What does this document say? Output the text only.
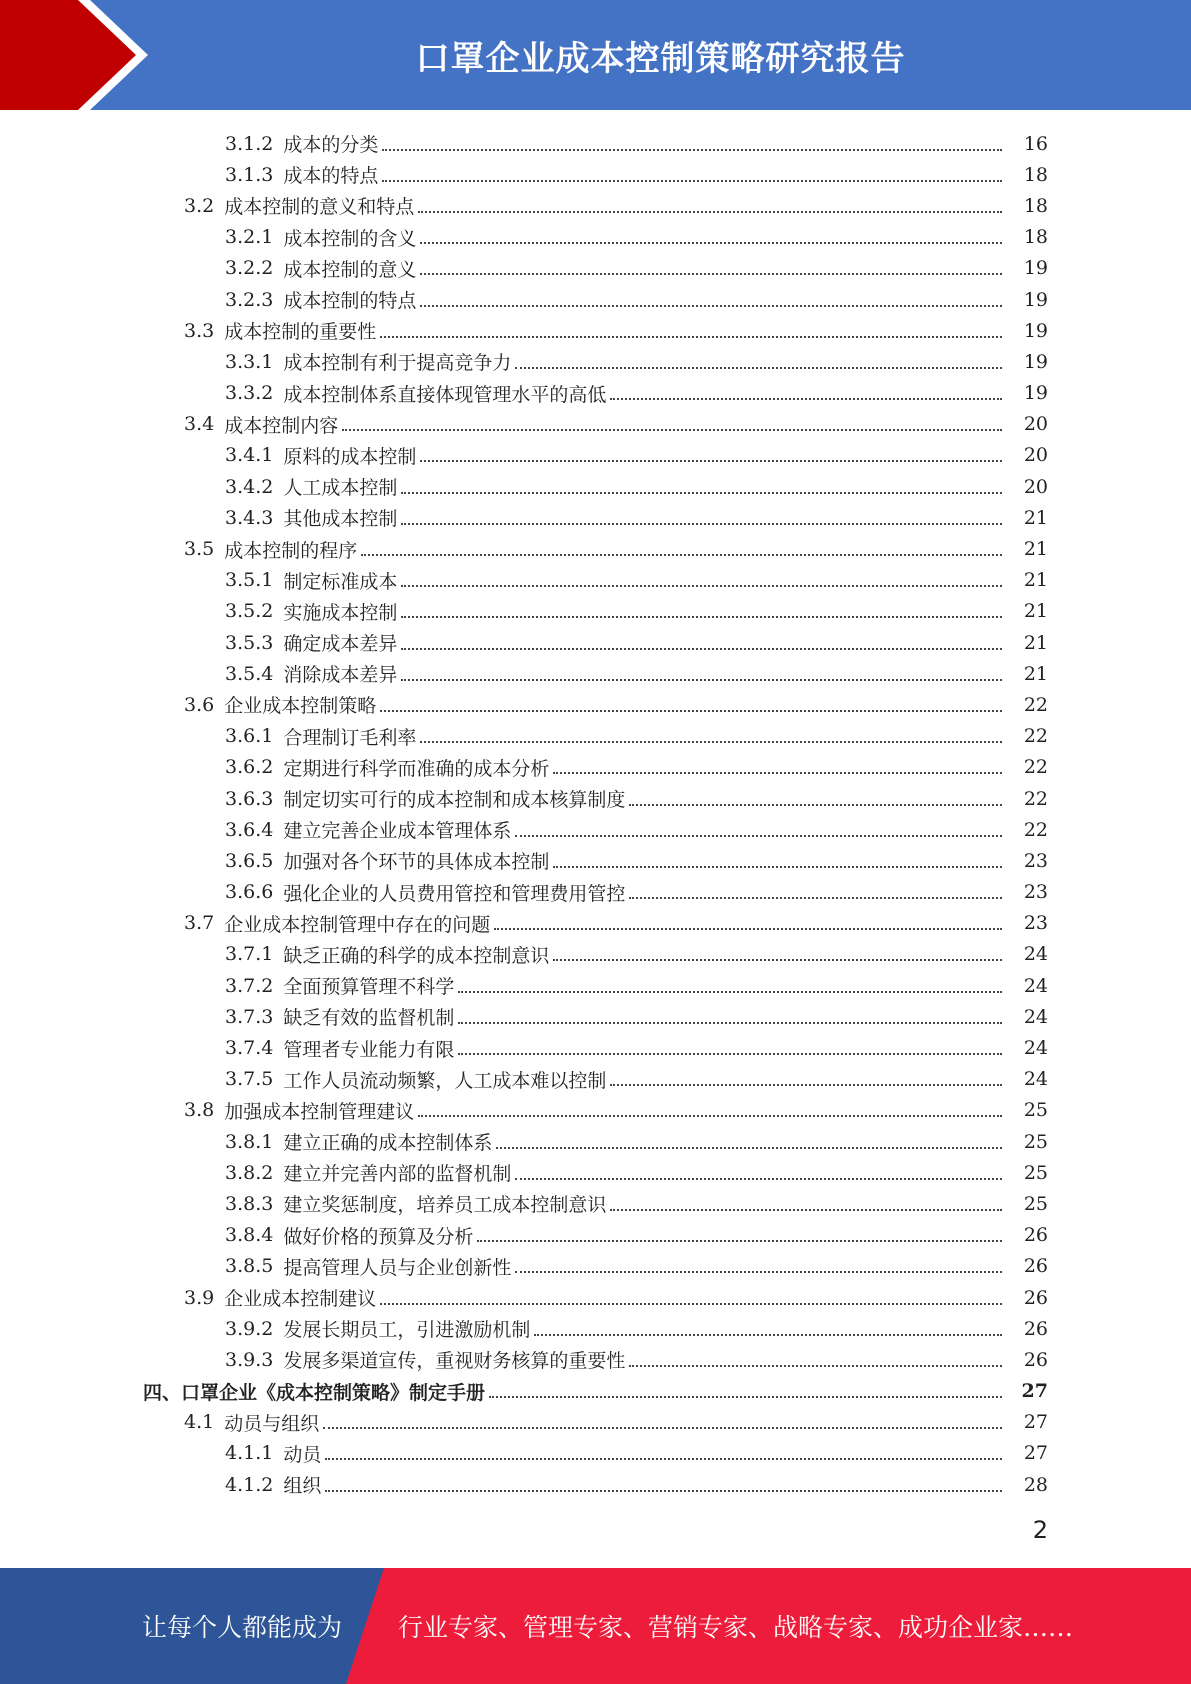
口罩企业成本控制策略研究报告
3.1.2 成本的分类	16
3.1.3 成本的特点	18
3.2 成本控制的意义和特点	18
3.2.1 成本控制的含义	18
3.2.2 成本控制的意义	19
3.2.3 成本控制的特点	19
3.3 成本控制的重要性	19
3.3.1 成本控制有利于提高竞争力	19
3.3.2 成本控制体系直接体现管理水平的高低	19
3.4 成本控制内容	20
3.4.1 原料的成本控制	20
3.4.2 人工成本控制	20
3.4.3 其他成本控制	21
3.5 成本控制的程序	21
3.5.1 制定标准成本	21
3.5.2 实施成本控制	21
3.5.3 确定成本差异	21
3.5.4 消除成本差异	21
3.6 企业成本控制策略	22
3.6.1 合理制订毛利率	22
3.6.2 定期进行科学而准确的成本分析	22
3.6.3 制定切实可行的成本控制和成本核算制度	22
3.6.4 建立完善企业成本管理体系	22
3.6.5 加强对各个环节的具体成本控制	23
3.6.6 强化企业的人员费用管控和管理费用管控	23
3.7 企业成本控制管理中存在的问题	23
3.7.1 缺乏正确的科学的成本控制意识	24
3.7.2 全面预算管理不科学	24
3.7.3 缺乏有效的监督机制	24
3.7.4 管理者专业能力有限	24
3.7.5 工作人员流动频繁，人工成本难以控制	24
3.8 加强成本控制管理建议	25
3.8.1 建立正确的成本控制体系	25
3.8.2 建立并完善内部的监督机制	25
3.8.3 建立奖惩制度，培养员工成本控制意识	25
3.8.4 做好价格的预算及分析	26
3.8.5 提高管理人员与企业创新性	26
3.9 企业成本控制建议	26
3.9.2 发展长期员工，引进激励机制	26
3.9.3 发展多渠道宣传，重视财务核算的重要性	26
四、口罩企业《成本控制策略》制定手册	27
4.1 动员与组织	27
4.1.1 动员	27
4.1.2 组织	28
2
让每个人都能成为 行业专家、管理专家、营销专家、战略专家、成功企业家……
